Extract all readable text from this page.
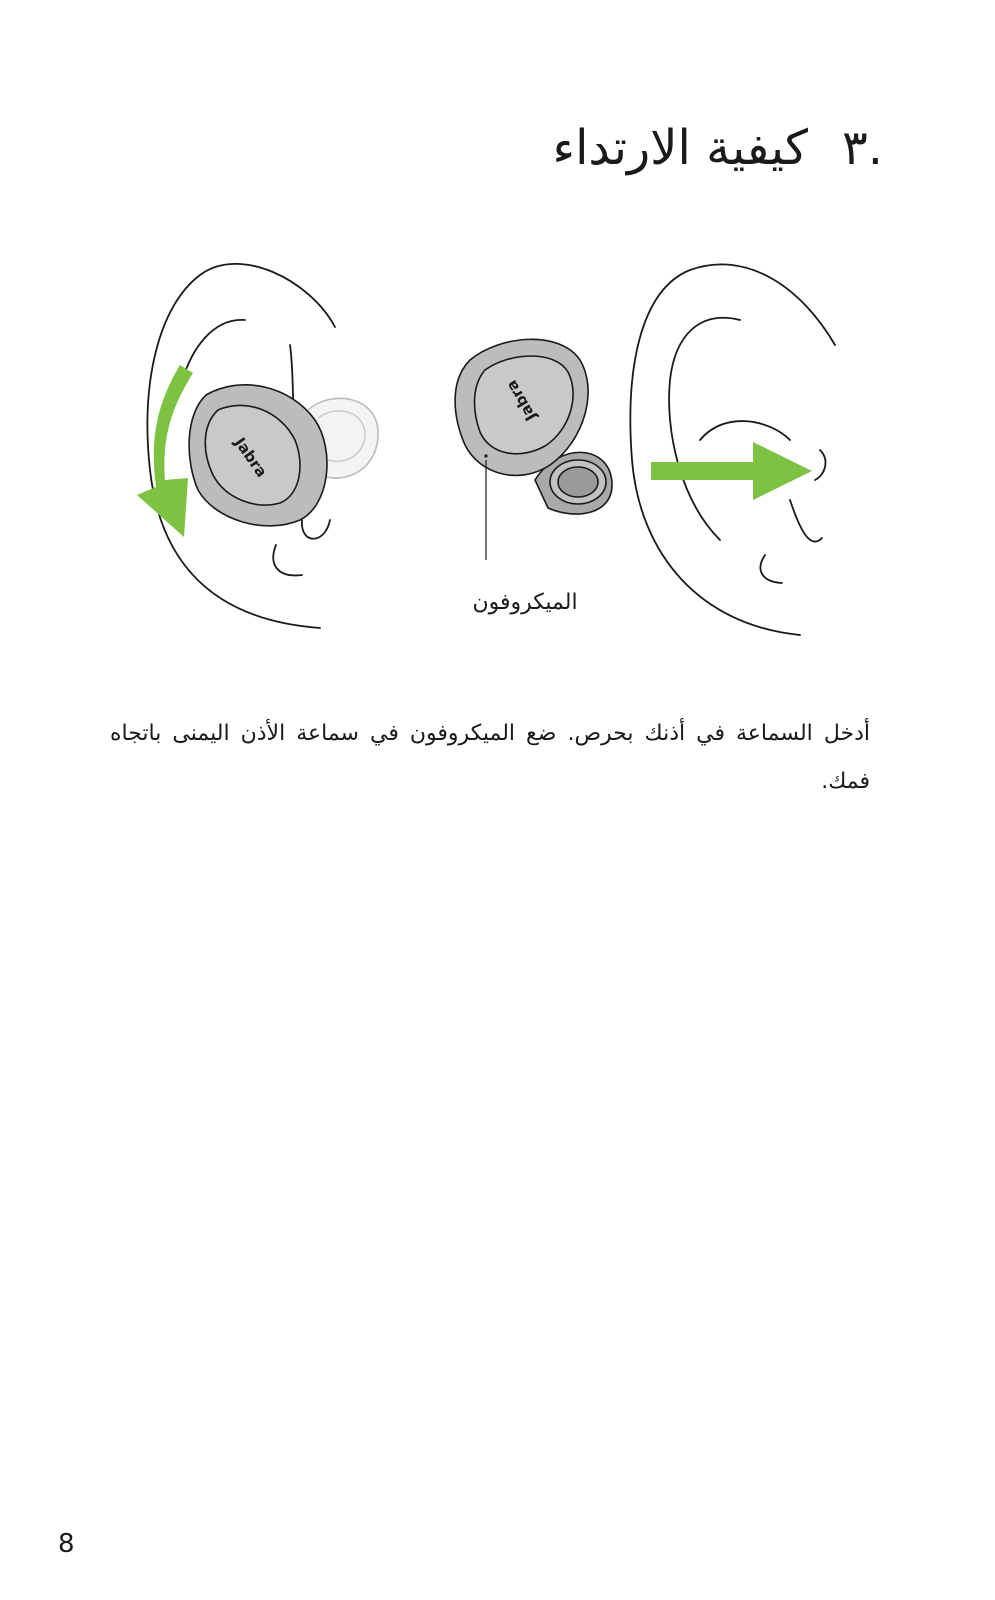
.٣كيفية الارتداء
Jabra
Jabra
الميكروفون

أدخل السماعة في أذنك بحرص. ضع الميكروفون في سماعة الأذن اليمنى باتجاه فمك.

8
